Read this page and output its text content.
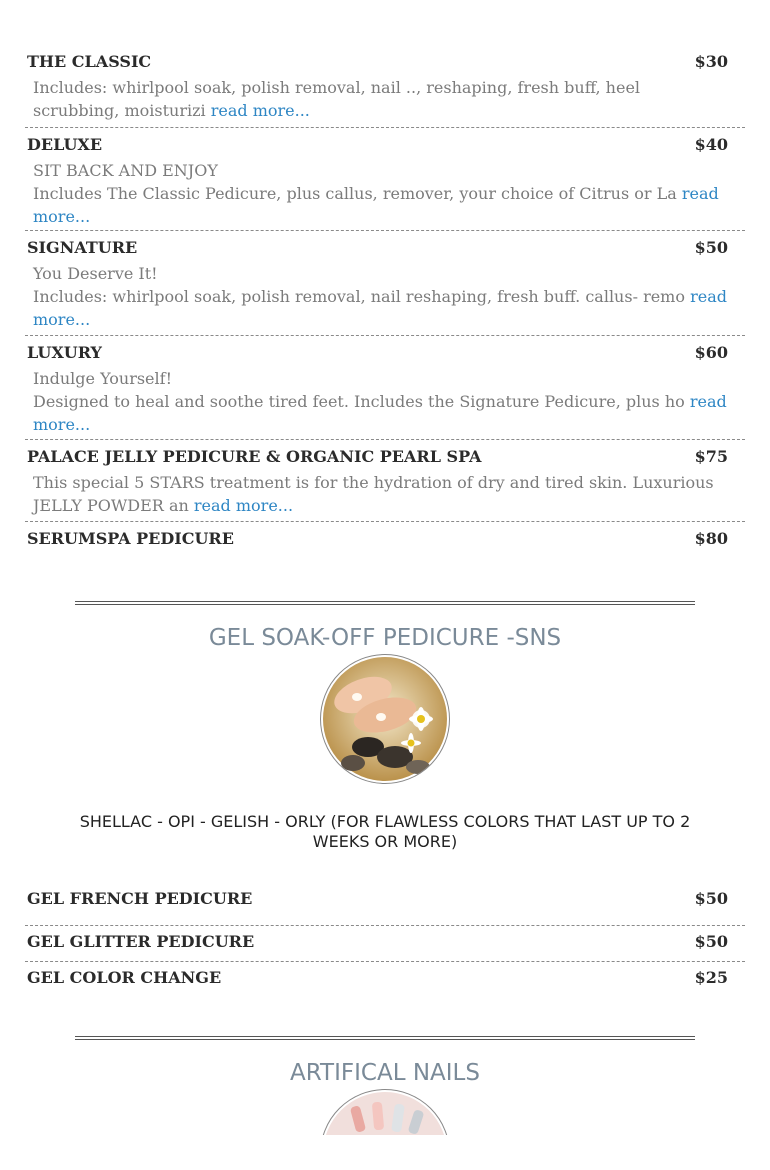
THE CLASSIC	$30
Includes: whirlpool soak, polish removal, nail .., reshaping, fresh buff, heel scrubbing, moisturizi read more...
DELUXE	$40
SIT BACK AND ENJOY
Includes The Classic Pedicure, plus callus, remover, your choice of Citrus or La read more...
SIGNATURE	$50
You Deserve It!
Includes: whirlpool soak, polish removal, nail reshaping, fresh buff. callus- remo read more...
LUXURY	$60
Indulge Yourself!
Designed to heal and soothe tired feet. Includes the Signature Pedicure, plus ho read more...
PALACE JELLY PEDICURE & ORGANIC PEARL SPA	$75
This special 5 STARS treatment is for the hydration of dry and tired skin. Luxurious JELLY POWDER an read more...
SERUMSPA PEDICURE	$80
GEL SOAK-OFF PEDICURE -SNS
SHELLAC - OPI - GELISH - ORLY (FOR FLAWLESS COLORS THAT LAST UP TO 2 WEEKS OR MORE)
GEL FRENCH PEDICURE	$50
GEL GLITTER PEDICURE	$50
GEL COLOR CHANGE	$25
ARTIFICAL NAILS
